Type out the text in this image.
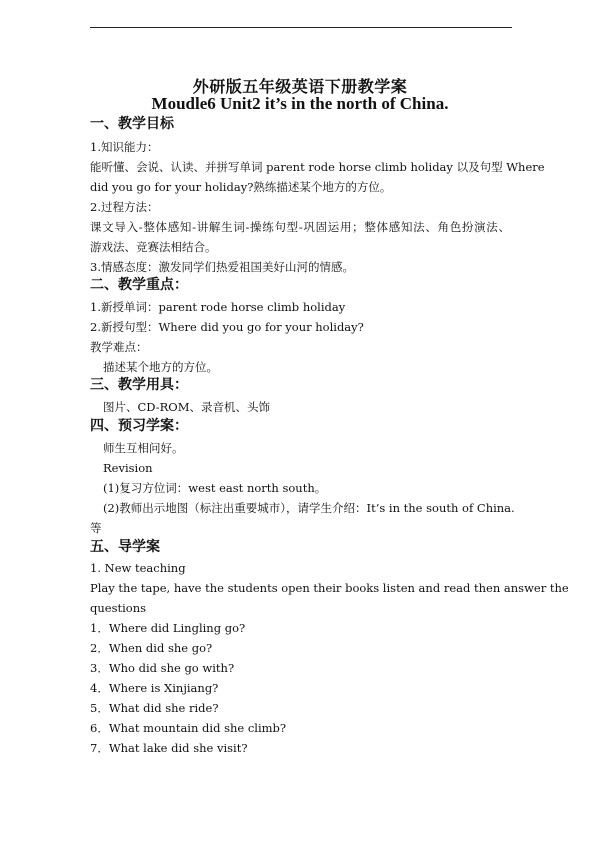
外研版五年级英语下册教学案
Moudle6 Unit2 it’s in the north of China.
一、教学目标
1.知识能力：
能听懂、会说、认读、并拼写单词 parent rode horse climb holiday 以及句型 Where
did you go for your holiday?熟练描述某个地方的方位。
2.过程方法：
课文导入-整体感知-讲解生词-操练句型-巩固运用；整体感知法、角色扮演法、
游戏法、竞赛法相结合。
3.情感态度：激发同学们热爱祖国美好山河的情感。
二、教学重点：
1.新授单词：parent rode horse climb holiday
2.新授句型：Where did you go for your holiday?
教学难点：
描述某个地方的方位。
三、教学用具：
图片、CD-ROM、录音机、头饰
四、预习学案：
师生互相问好。
Revision
(1)复习方位词：west east north south。
(2)教师出示地图（标注出重要城市），请学生介绍：It’s in the south of China.
等
五、导学案
1. New teaching
Play the tape, have the students open their books listen and read then answer the
questions
1．Where did Lingling go?
2．When did she go?
3．Who did she go with?
4．Where is Xinjiang?
5．What did she ride?
6．What mountain did she climb?
7．What lake did she visit?
